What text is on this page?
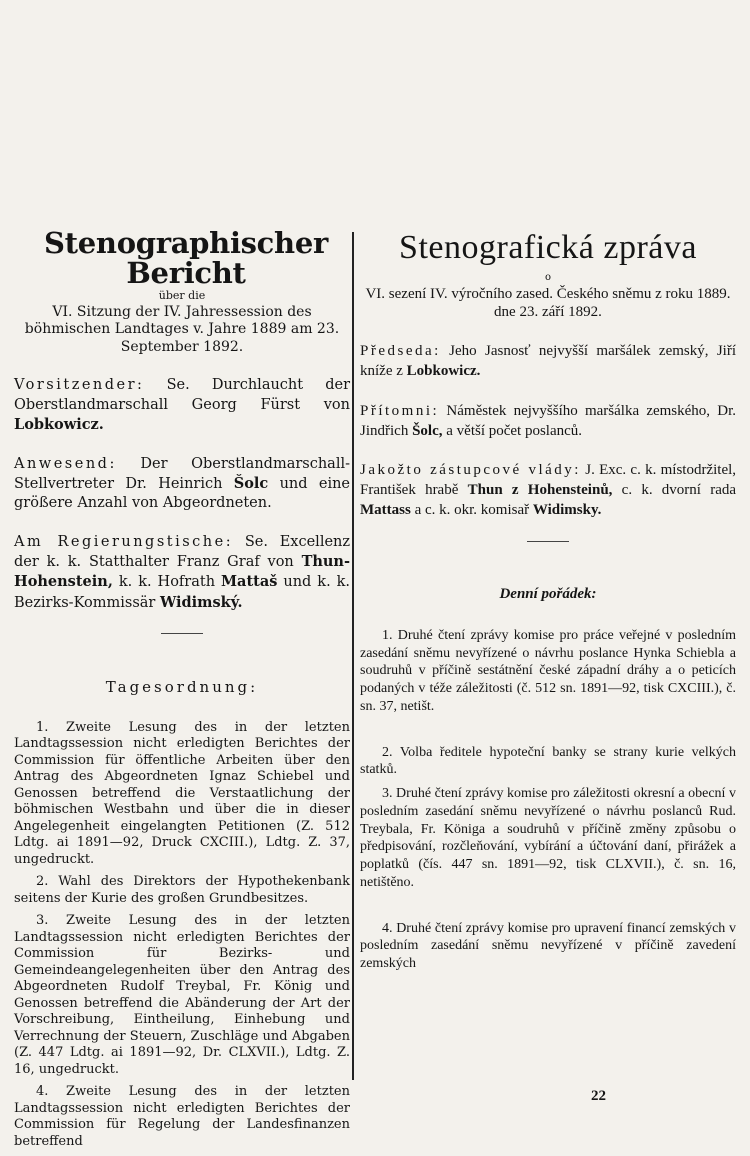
Stenographischer Bericht
über die
VI. Sitzung der IV. Jahressession des böhmischen Landtages v. Jahre 1889 am 23. September 1892.

Vorsitzender: Se. Durchlaucht der Oberstlandmarschall Georg Fürst von Lobkowicz.

Anwesend: Der Oberstlandmarschall-Stellvertreter Dr. Heinrich Šolc und eine größere Anzahl von Abgeordneten.

Am Regierungstische: Se. Excellenz der k. k. Statthalter Franz Graf von Thun-Hohenstein, k. k. Hofrath Mattaš und k. k. Bezirks-Kommissär Widimský.

Tagesordnung:

1. Zweite Lesung des in der letzten Landtagssession nicht erledigten Berichtes der Commission für öffentliche Arbeiten über den Antrag des Abgeordneten Ignaz Schiebel und Genossen betreffend die Verstaatlichung der böhmischen Westbahn und über die in dieser Angelegenheit eingelangten Petitionen (Z. 512 Ldtg. ai 1891—92, Druck CXCIII.), Ldtg. Z. 37, ungedruckt.

2. Wahl des Direktors der Hypothekenbank seitens der Kurie des großen Grundbesitzes.

3. Zweite Lesung des in der letzten Landtagssession nicht erledigten Berichtes der Commission für Bezirks- und Gemeindeangelegenheiten über den Antrag des Abgeordneten Rudolf Treybal, Fr. König und Genossen betreffend die Abänderung der Art der Vorschreibung, Eintheilung, Einhebung und Verrechnung der Steuern, Zuschläge und Abgaben (Z. 447 Ldtg. ai 1891—92, Dr. CLXVII.), Ldtg. Z. 16, ungedruckt.

4. Zweite Lesung des in der letzten Landtagssession nicht erledigten Berichtes der Commission für Regelung der Landesfinanzen betreffend

Stenografická zpráva
o
VI. sezení IV. výročního zased. Českého sněmu z roku 1889. dne 23. září 1892.

Předseda: Jeho Jasnosť nejvyšší maršálek zemský, Jiří kníže z Lobkowicz.

Přítomni: Náměstek nejvyššího maršálka zemského, Dr. Jindřich Šolc, a větší počet poslanců.

Jakožto zástupcové vlády: J. Exc. c. k. místodržitel, František hrabě Thun z Hohensteinů, c. k. dvorní rada Mattass a c. k. okr. komisař Widimsky.

Denní pořádek:

1. Druhé čtení zprávy komise pro práce veřejné v posledním zasedání sněmu nevyřízené o návrhu poslance Hynka Schiebla a soudruhů v příčině sestátnění české západní dráhy a o peticích podaných v téže záležitosti (č. 512 sn. 1891—92, tisk CXCIII.), č. sn. 37, netišt.

2. Volba ředitele hypoteční banky se strany kurie velkých statků.

3. Druhé čtení zprávy komise pro záležitosti okresní a obecní v posledním zasedání sněmu nevyřízené o návrhu poslanců Rud. Treybala, Fr. Königa a soudruhů v příčině změny způsobu o předpisování, rozčleňování, vybírání a účtování daní, přirážek a poplatků (čís. 447 sn. 1891—92, tisk CLXVII.), č. sn. 16, netištěno.

4. Druhé čtení zprávy komise pro upravení financí zemských v posledním zasedání sněmu nevyřízené v příčině zavedení zemských

22
